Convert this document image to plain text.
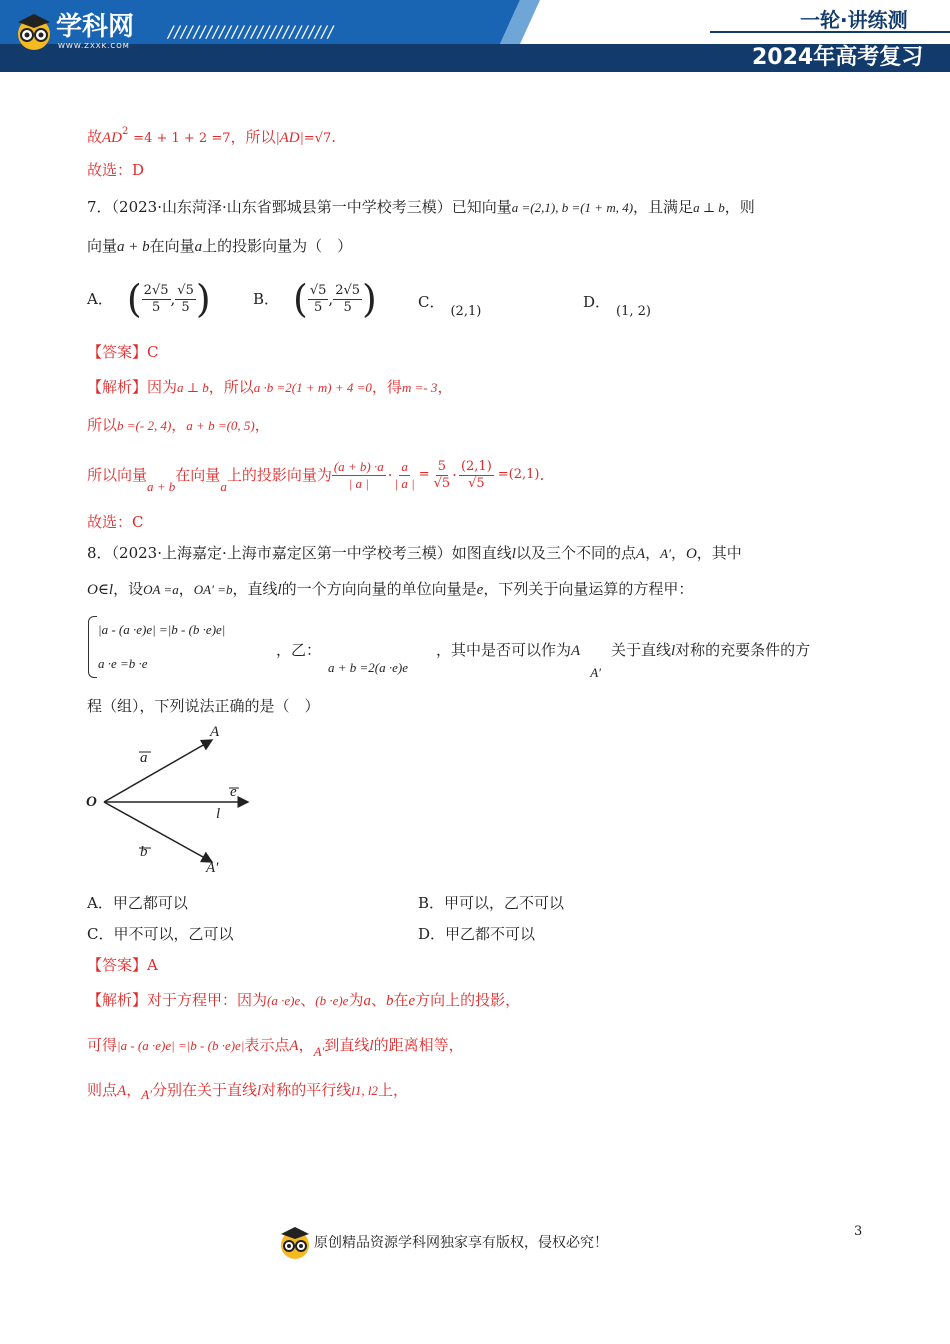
学科网
WWW.ZXXK.COM
//////////////////////////	一轮·讲练测
2024年高考复习
故$AD^2 =4 + 1 + 2 =7$，所以|AD|=√7.
故选：D
7．（2023·山东菏泽·山东省鄄城县第一中学校考三模）已知向量a =(2,1), b =(1 + m, 4)，且满足a ⊥ b，则
向量a + b在向量a上的投影向量为（　）
A． ( $\frac{2√5}{5}$ , $\frac{√5}{5}$ )	B． ( $\frac{√5}{5}$ , $\frac{2√5}{5}$ )	C．(2,1)
D．(1, 2)
【答案】C
【解析】因为a ⊥ b，所以a ·b =2(1 + m) + 4 =0，得m =- 3，
所以b =(- 2, 4)，a + b =(0, 5)，
所以向量
a + b
在向量
a
上的投影向量为 $\frac{(a + b) \cdot a}{| a |} \cdot \frac{a}{| a |} = \frac{5}{√5} \cdot \frac{(2,1)}{√5} =(2,1)$ .
故选：C
8．（2023·上海嘉定·上海市嘉定区第一中学校考三模）如图直线l以及三个不同的点A，A′，O，其中
O∈l，设OA =a，OA′ =b，直线l的一个方向向量的单位向量是e，下列关于向量运算的方程甲：
|a - (a ·e)e| =|b - (b ·e)e|
a ·e =b ·e
，乙：
a + b =2(a ·e)e
，其中是否可以作为AA′关于直线l对称的充要条件的方
程（组），下列说法正确的是（　）
A
a
O
e
l
b
A′
A．甲乙都可以	B．甲可以，乙不可以
C．甲不可以，乙可以	D．甲乙都不可以
【答案】A
【解析】对于方程甲：因为(a ·e)e、(b ·e)e为a、b在e方向上的投影，
可得|a - (a ·e)e| =|b - (b ·e)e|表示点A，A′到直线l的距离相等，
则点A，A′分别在关于直线l对称的平行线l1, l2上，
原创精品资源学科网独家享有版权，侵权必究！
3
